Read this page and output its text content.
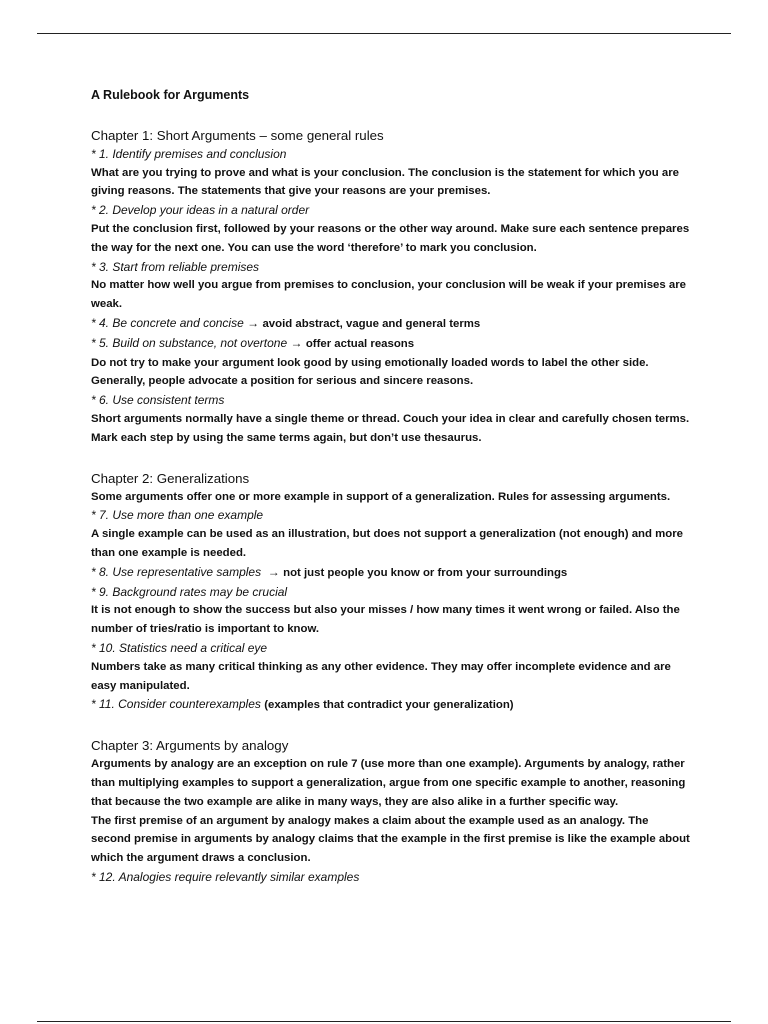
A Rulebook for Arguments

Chapter 1: Short Arguments – some general rules

* 1. Identify premises and conclusion

What are you trying to prove and what is your conclusion. The conclusion is the statement for which you are giving reasons. The statements that give your reasons are your premises.

* 2. Develop your ideas in a natural order

Put the conclusion first, followed by your reasons or the other way around. Make sure each sentence prepares the way for the next one. You can use the word ‘therefore’ to mark you conclusion.

* 3. Start from reliable premises

No matter how well you argue from premises to conclusion, your conclusion will be weak if your premises are weak.

* 4. Be concrete and concise → avoid abstract, vague and general terms

* 5. Build on substance, not overtone → offer actual reasons

Do not try to make your argument look good by using emotionally loaded words to label the other side. Generally, people advocate a position for serious and sincere reasons.

* 6. Use consistent terms

Short arguments normally have a single theme or thread. Couch your idea in clear and carefully chosen terms. Mark each step by using the same terms again, but don’t use thesaurus.

Chapter 2: Generalizations

Some arguments offer one or more example in support of a generalization. Rules for assessing arguments.

* 7. Use more than one example

A single example can be used as an illustration, but does not support a generalization (not enough) and more than one example is needed.

* 8. Use representative samples → not just people you know or from your surroundings

* 9. Background rates may be crucial

It is not enough to show the success but also your misses / how many times it went wrong or failed. Also the number of tries/ratio is important to know.

* 10. Statistics need a critical eye

Numbers take as many critical thinking as any other evidence. They may offer incomplete evidence and are easy manipulated.

* 11. Consider counterexamples (examples that contradict your generalization)

Chapter 3: Arguments by analogy

Arguments by analogy are an exception on rule 7 (use more than one example). Arguments by analogy, rather than multiplying examples to support a generalization, argue from one specific example to another, reasoning that because the two example are alike in many ways, they are also alike in a further specific way.

The first premise of an argument by analogy makes a claim about the example used as an analogy. The second premise in arguments by analogy claims that the example in the first premise is like the example about which the argument draws a conclusion.

* 12. Analogies require relevantly similar examples
